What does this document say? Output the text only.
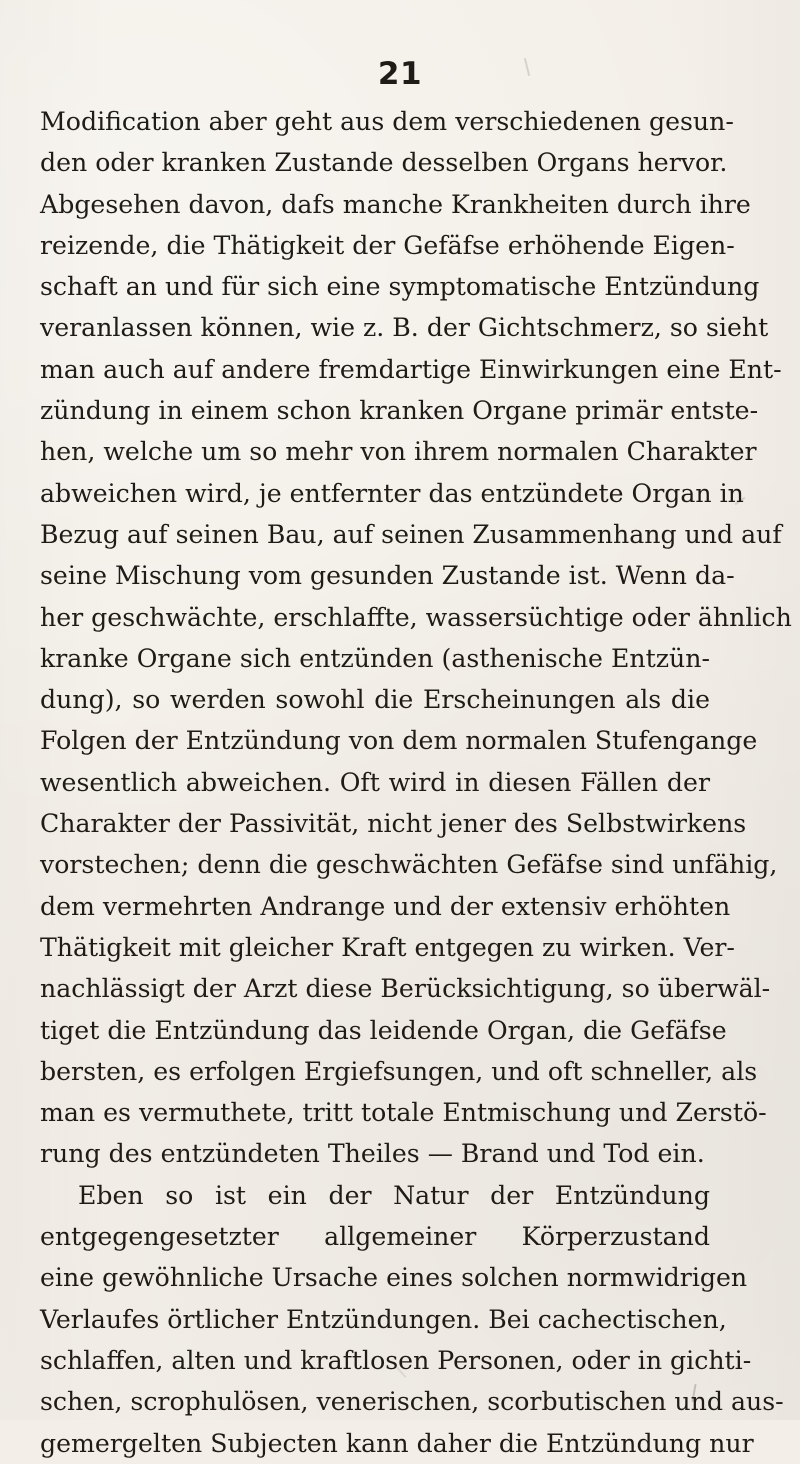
21
Modification aber geht aus dem verschiedenen gesun-
den oder kranken Zustande desselben Organs hervor.
Abgesehen davon, dafs manche Krankheiten durch ihre
reizende, die Thätigkeit der Gefäfse erhöhende Eigen-
schaft an und für sich eine symptomatische Entzündung
veranlassen können, wie z. B. der Gichtschmerz, so sieht
man auch auf andere fremdartige Einwirkungen eine Ent-
zündung in einem schon kranken Organe primär entste-
hen, welche um so mehr von ihrem normalen Charakter
abweichen wird, je entfernter das entzündete Organ in
Bezug auf seinen Bau, auf seinen Zusammenhang und auf
seine Mischung vom gesunden Zustande ist. Wenn da-
her geschwächte, erschlaffte, wassersüchtige oder ähnlich
kranke Organe sich entzünden (asthenische Entzün-
dung), so werden sowohl die Erscheinungen als die
Folgen der Entzündung von dem normalen Stufengange
wesentlich abweichen. Oft wird in diesen Fällen der
Charakter der Passivität, nicht jener des Selbstwirkens
vorstechen; denn die geschwächten Gefäfse sind unfähig,
dem vermehrten Andrange und der extensiv erhöhten
Thätigkeit mit gleicher Kraft entgegen zu wirken. Ver-
nachlässigt der Arzt diese Berücksichtigung, so überwäl-
tiget die Entzündung das leidende Organ, die Gefäfse
bersten, es erfolgen Ergiefsungen, und oft schneller, als
man es vermuthete, tritt totale Entmischung und Zerstö-
rung des entzündeten Theiles — Brand und Tod ein.
Eben so ist ein der Natur der Entzündung
entgegengesetzter allgemeiner Körperzustand
eine gewöhnliche Ursache eines solchen normwidrigen
Verlaufes örtlicher Entzündungen. Bei cachectischen,
schlaffen, alten und kraftlosen Personen, oder in gichti-
schen, scrophulösen, venerischen, scorbutischen und aus-
gemergelten Subjecten kann daher die Entzündung nur
